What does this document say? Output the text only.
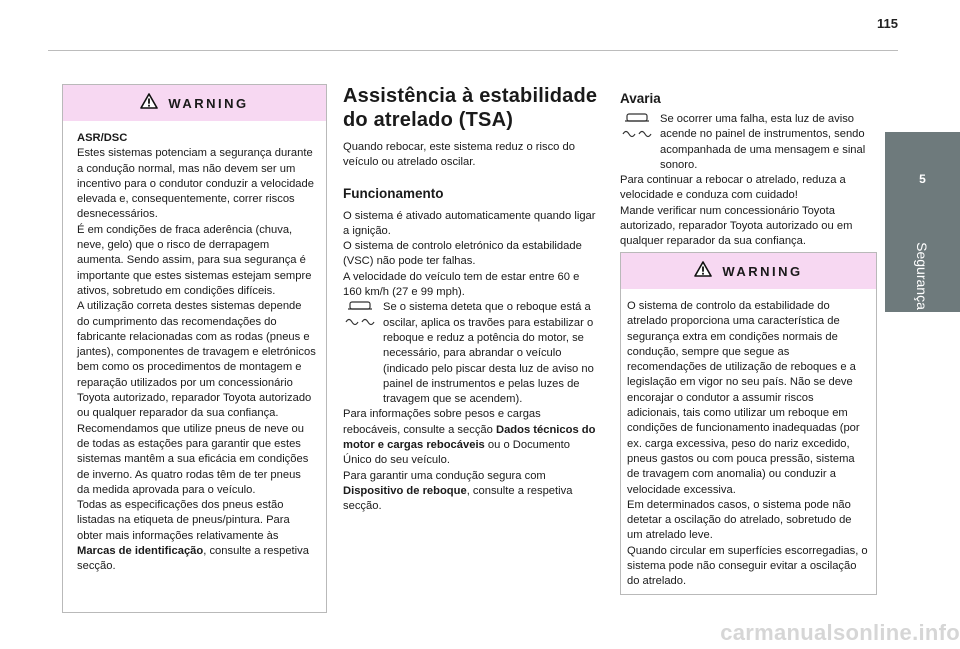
115
5
Segurança
WARNING

ASR/DSC

Estes sistemas potenciam a segurança durante a condução normal, mas não devem ser um incentivo para o condutor conduzir a velocidade elevada e, consequentemente, correr riscos desnecessários.

É em condições de fraca aderência (chuva, neve, gelo) que o risco de derrapagem aumenta. Sendo assim, para sua segurança é importante que estes sistemas estejam sempre ativos, sobretudo em condições difíceis.

A utilização correta destes sistemas depende do cumprimento das recomendações do fabricante relacionadas com as rodas (pneus e jantes), componentes de travagem e eletrónicos bem como os procedimentos de montagem e reparação utilizados por um concessionário Toyota autorizado, reparador Toyota autorizado ou qualquer reparador da sua confiança.

Recomendamos que utilize pneus de neve ou de todas as estações para garantir que estes sistemas mantêm a sua eficácia em condições de inverno. As quatro rodas têm de ter pneus da medida aprovada para o veículo.

Todas as especificações dos pneus estão listadas na etiqueta de pneus/pintura. Para obter mais informações relativamente às Marcas de identificação, consulte a respetiva secção.

Assistência à estabilidade
do atrelado (TSA)

Quando rebocar, este sistema reduz o risco do veículo ou atrelado oscilar.

Funcionamento

O sistema é ativado automaticamente quando ligar a ignição.

O sistema de controlo eletrónico da estabilidade (VSC) não pode ter falhas.

A velocidade do veículo tem de estar entre 60 e 160 km/h (27 e 99 mph).

Se o sistema deteta que o reboque está a oscilar, aplica os travões para estabilizar o reboque e reduz a potência do motor, se necessário, para abrandar o veículo (indicado pelo piscar desta luz de aviso no painel de instrumentos e pelas luzes de travagem que se acendem).

Para informações sobre pesos e cargas rebocáveis, consulte a secção Dados técnicos do motor e cargas rebocáveis ou o Documento Único do seu veículo.

Para garantir uma condução segura com Dispositivo de reboque, consulte a respetiva secção.

Avaria

Se ocorrer uma falha, esta luz de aviso acende no painel de instrumentos, sendo acompanhada de uma mensagem e sinal sonoro.

Para continuar a rebocar o atrelado, reduza a velocidade e conduza com cuidado!

Mande verificar num concessionário Toyota autorizado, reparador Toyota autorizado ou em qualquer reparador da sua confiança.

WARNING

O sistema de controlo da estabilidade do atrelado proporciona uma característica de segurança extra em condições normais de condução, sempre que segue as recomendações de utilização de reboques e a legislação em vigor no seu país. Não se deve encorajar o condutor a assumir riscos adicionais, tais como utilizar um reboque em condições de funcionamento inadequadas (por ex. carga excessiva, peso do nariz excedido, pneus gastos ou com pouca pressão, sistema de travagem com anomalia) ou conduzir a velocidade excessiva.

Em determinados casos, o sistema pode não detetar a oscilação do atrelado, sobretudo de um atrelado leve.

Quando circular em superfícies escorregadias, o sistema pode não conseguir evitar a oscilação do atrelado.

carmanualsonline.info
